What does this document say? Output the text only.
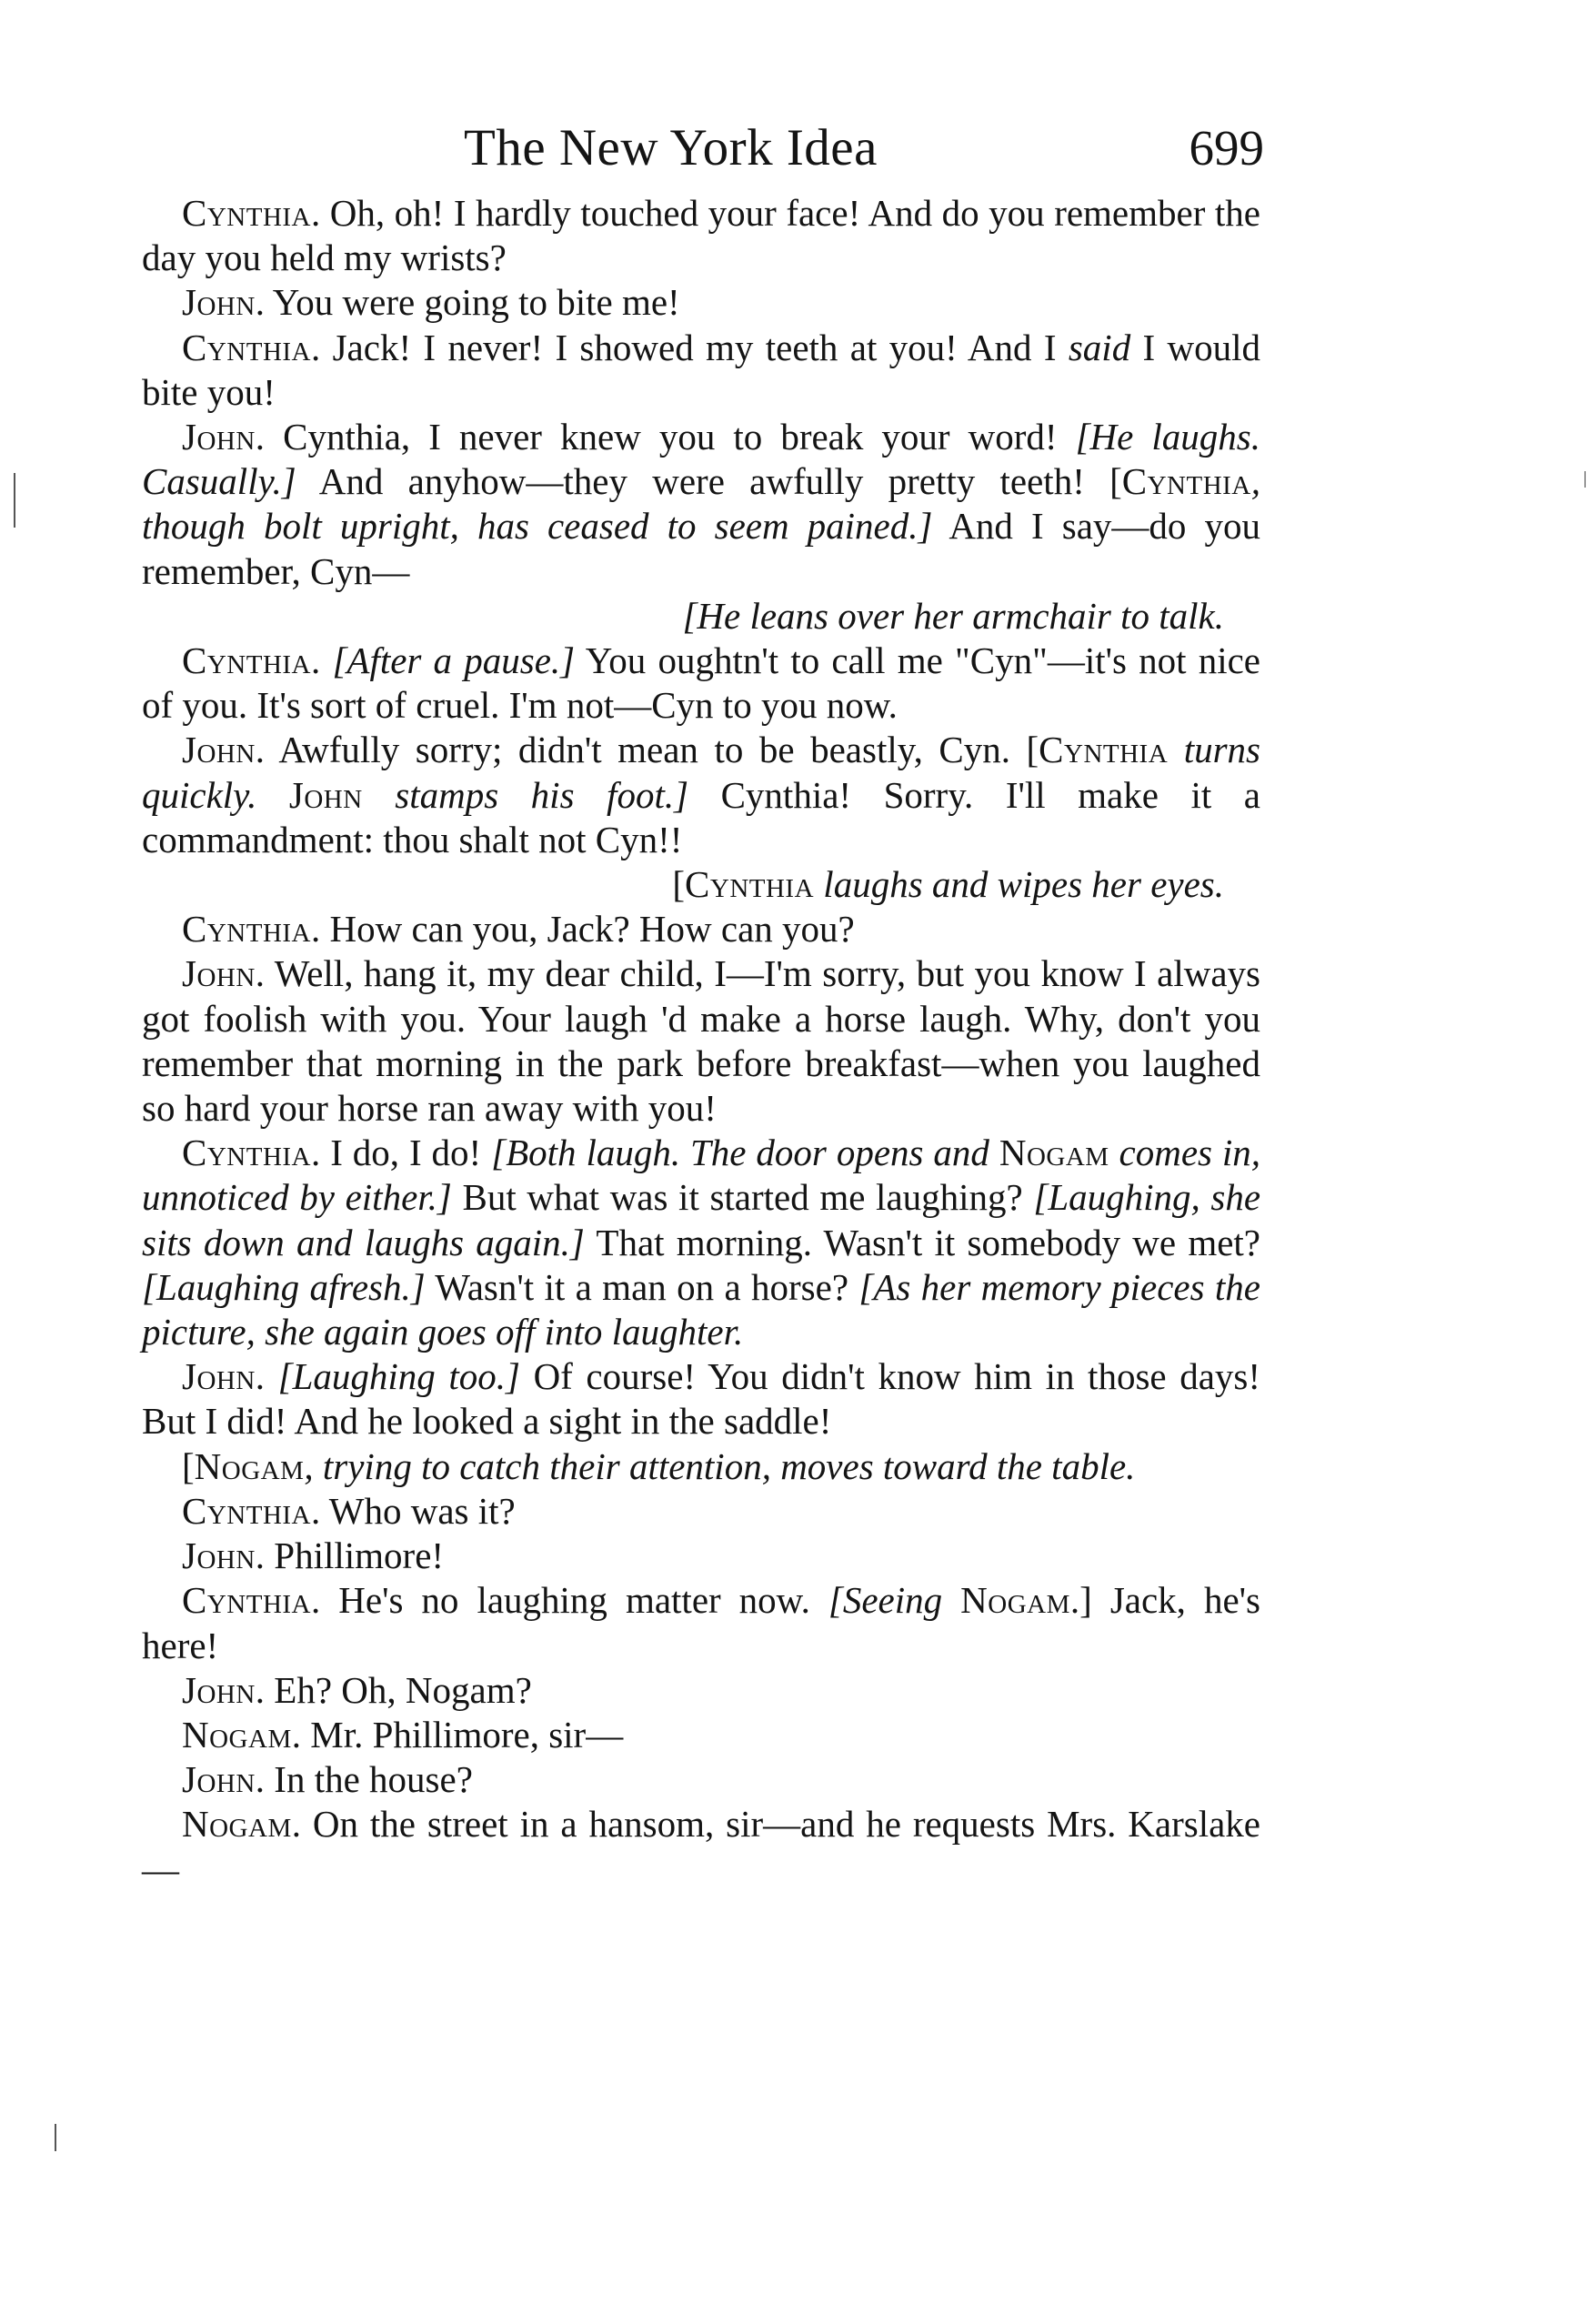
The New York Idea	699

Cynthia. Oh, oh! I hardly touched your face! And do you remember the day you held my wrists?

John. You were going to bite me!

Cynthia. Jack! I never! I showed my teeth at you! And I said I would bite you!

John. Cynthia, I never knew you to break your word! [He laughs. Casually.] And anyhow—they were awfully pretty teeth! [Cynthia, though bolt upright, has ceased to seem pained.] And I say—do you remember, Cyn—

[He leans over her armchair to talk.

Cynthia. [After a pause.] You oughtn't to call me "Cyn"—it's not nice of you. It's sort of cruel. I'm not—Cyn to you now.

John. Awfully sorry; didn't mean to be beastly, Cyn. [Cynthia turns quickly. John stamps his foot.] Cynthia! Sorry. I'll make it a commandment: thou shalt not Cyn!!

[Cynthia laughs and wipes her eyes.

Cynthia. How can you, Jack? How can you?

John. Well, hang it, my dear child, I—I'm sorry, but you know I always got foolish with you. Your laugh 'd make a horse laugh. Why, don't you remember that morning in the park before breakfast—when you laughed so hard your horse ran away with you!

Cynthia. I do, I do! [Both laugh. The door opens and Nogam comes in, unnoticed by either.] But what was it started me laughing? [Laughing, she sits down and laughs again.] That morning. Wasn't it somebody we met? [Laughing afresh.] Wasn't it a man on a horse? [As her memory pieces the picture, she again goes off into laughter.

John. [Laughing too.] Of course! You didn't know him in those days! But I did! And he looked a sight in the saddle!

[Nogam, trying to catch their attention, moves toward the table.

Cynthia. Who was it?

John. Phillimore!

Cynthia. He's no laughing matter now. [Seeing Nogam.] Jack, he's here!

John. Eh? Oh, Nogam?

Nogam. Mr. Phillimore, sir—

John. In the house?

Nogam. On the street in a hansom, sir—and he requests Mrs. Karslake—
